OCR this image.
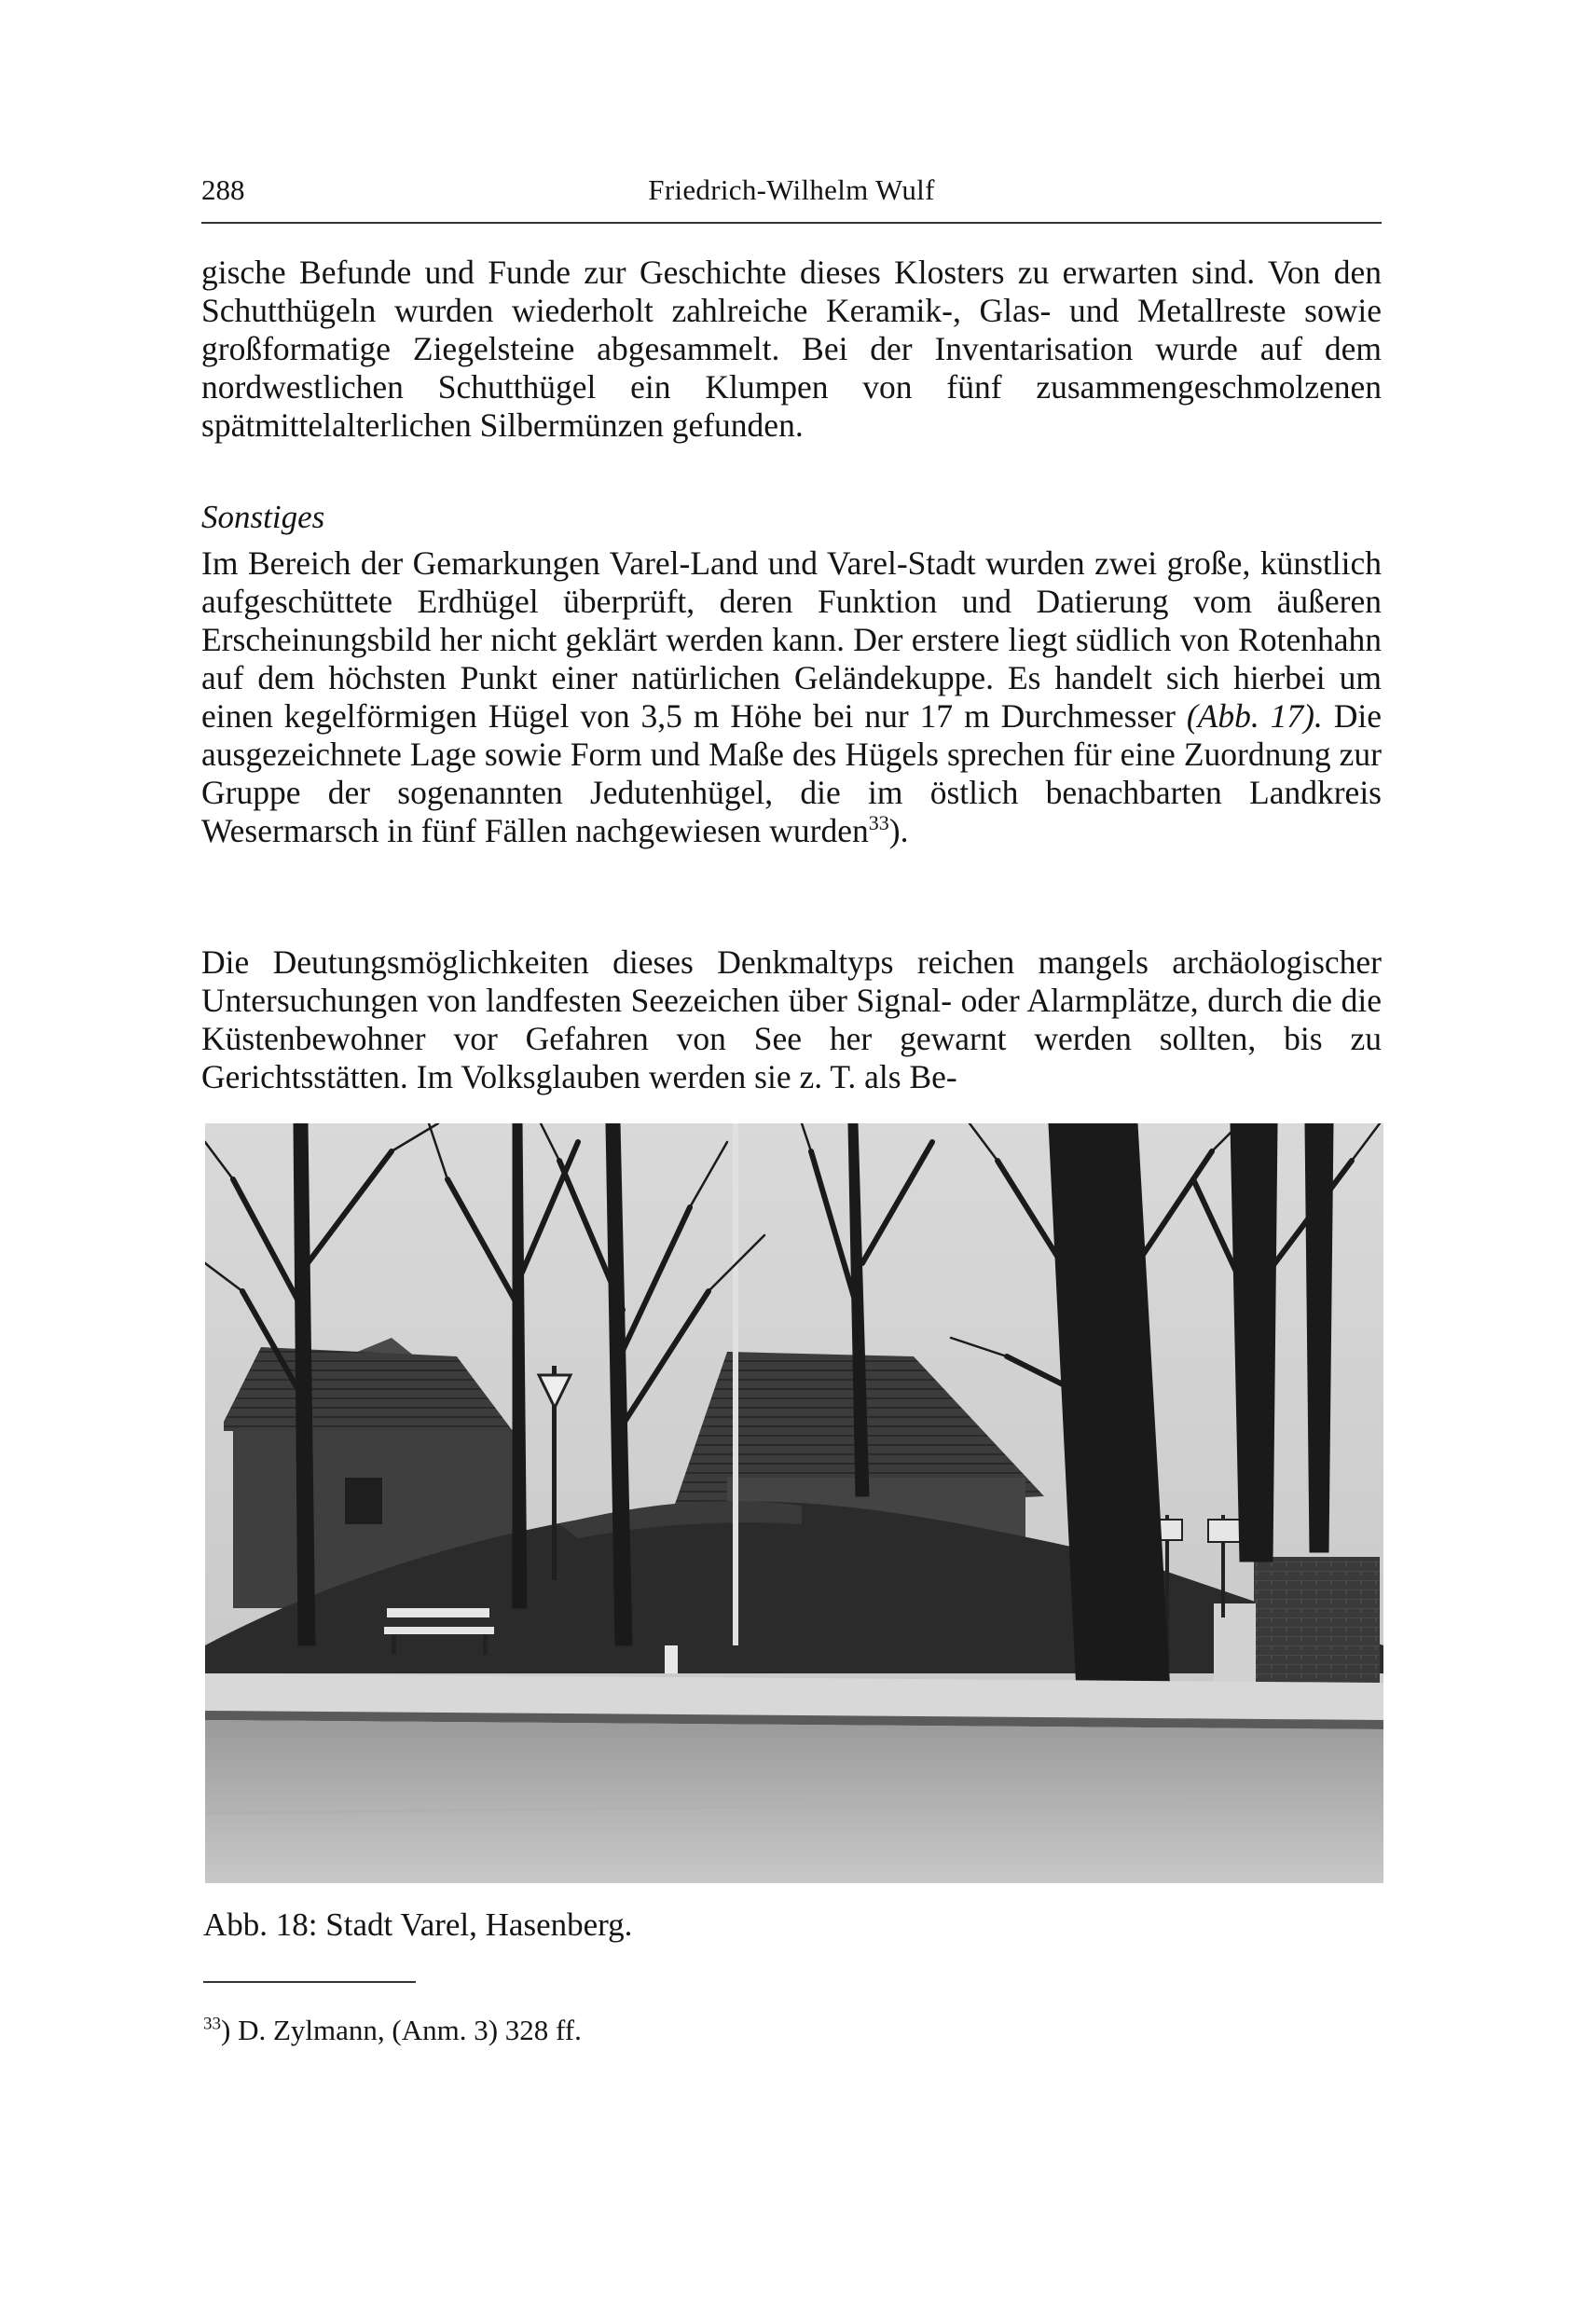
288	Friedrich-Wilhelm Wulf

gische Befunde und Funde zur Geschichte dieses Klosters zu erwarten sind. Von den Schutthügeln wurden wiederholt zahlreiche Keramik-, Glas- und Metallreste sowie großformatige Ziegelsteine abgesammelt. Bei der Inventarisation wurde auf dem nordwestlichen Schutthügel ein Klumpen von fünf zusammengeschmolzenen spätmittelalterlichen Silbermünzen gefunden.

Sonstiges

Im Bereich der Gemarkungen Varel-Land und Varel-Stadt wurden zwei große, künstlich aufgeschüttete Erdhügel überprüft, deren Funktion und Datierung vom äußeren Erscheinungsbild her nicht geklärt werden kann. Der erstere liegt südlich von Rotenhahn auf dem höchsten Punkt einer natürlichen Geländekuppe. Es handelt sich hierbei um einen kegelförmigen Hügel von 3,5 m Höhe bei nur 17 m Durchmesser (Abb. 17). Die ausgezeichnete Lage sowie Form und Maße des Hügels sprechen für eine Zuordnung zur Gruppe der sogenannten Jedutenhügel, die im östlich benachbarten Landkreis Wesermarsch in fünf Fällen nachgewiesen wurden$^{33}$).

Die Deutungsmöglichkeiten dieses Denkmaltyps reichen mangels archäologischer Untersuchungen von landfesten Seezeichen über Signal- oder Alarmplätze, durch die die Küstenbewohner vor Gefahren von See her gewarnt werden sollten, bis zu Gerichtsstätten. Im Volksglauben werden sie z. T. als Be-

Abb. 18: Stadt Varel, Hasenberg.

$^{33}$) D. Zylmann, (Anm. 3) 328 ff.
